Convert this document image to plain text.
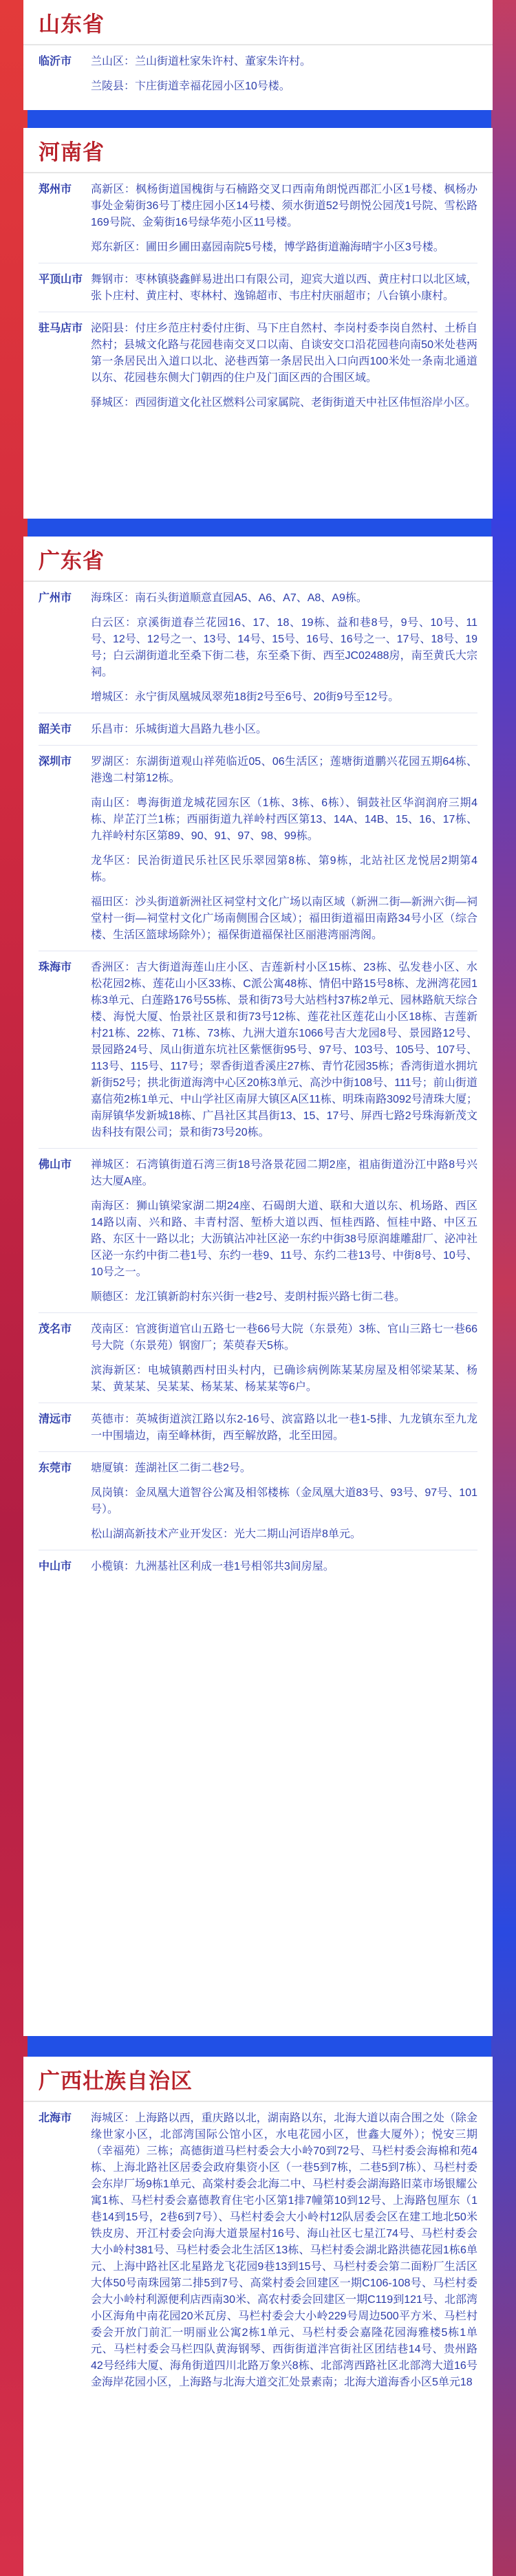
山东省
临沂市	兰山区：兰山街道杜家朱许村、董家朱许村。
兰陵县：卞庄街道幸福花园小区10号楼。
河南省
郑州市	高新区：枫杨街道国槐街与石楠路交叉口西南角朗悦西郡汇小区1号楼、枫杨办事处金菊街36号丁楼庄园小区14号楼、须水街道52号朗悦公园茂1号院、雪松路169号院、金菊街16号绿华苑小区11号楼。
郑东新区：圃田乡圃田嘉园南院5号楼，博学路街道瀚海晴宇小区3号楼。
平顶山市 舞钢市：枣林镇骁鑫鲜易进出口有限公司，迎宾大道以西、黄庄村口以北区域，张卜庄村、黄庄村、枣林村、逸锦超市、韦庄村庆丽超市；八台镇小康村。
驻马店市 泌阳县：付庄乡范庄村委付庄街、马下庄自然村、李岗村委李岗自然村、土桥自然村；县城文化路与花园巷南交叉口以南、自谈安交口沿花园巷向南50米处巷两第一条居民出入道口以北、泌巷西第一条居民出入口向西100米处一条南北通道以东、花园巷东侧大门朝西的住户及门面区西的合围区域。
驿城区：西园街道文化社区燃料公司家属院、老街街道天中社区伟恒浴岸小区。
广东省
广州市	海珠区：南石头街道顺意直园A5、A6、A7、A8、A9栋。
白云区：京溪街道春兰花园16、17、18、19栋、益和巷8号，9号、10号、11号、12号、12号之一、13号、14号、15号、16号、16号之一、17号、18号、19号；白云湖街道北至桑下街二巷，东至桑下街、西至JC02488房，南至黄氏大宗祠。
增城区：永宁街凤凰城凤翠苑18街2号至6号、20街9号至12号。
韶关市	乐昌市：乐城街道大昌路九巷小区。
深圳市	罗湖区：东湖街道观山祥苑临近05、06生活区；莲塘街道鹏兴花园五期64栋、港逸二村第12栋。
南山区：粤海街道龙城花园东区（1栋、3栋、6栋）、铜鼓社区华润润府三期4栋、岸芷汀兰1栋；西丽街道九祥岭村西区第13、14A、14B、15、16、17栋、九祥岭村东区第89、90、91、97、98、99栋。
龙华区：民治街道民乐社区民乐翠园第8栋、第9栋，北站社区龙悦居2期第4栋。
福田区：沙头街道新洲社区祠堂村文化广场以南区域（新洲二街—新洲六街—祠堂村一街—祠堂村文化广场南侧围合区域）；福田街道福田南路34号小区（综合楼、生活区篮球场除外）；福保街道福保社区丽港湾丽湾阁。
珠海市	香洲区：吉大街道海莲山庄小区、吉莲新村小区15栋、23栋、弘发巷小区、水松花园2栋、莲花山小区33栋、C派公寓48栋、情侣中路15号8栋、龙洲湾花园1栋3单元、白莲路176号55栋、景和街73号大站档村37栋2单元、园林路航天综合楼、海悦大厦、怡景社区景和街73号12栋、莲花社区莲花山小区18栋、吉莲新村21栋、22栋、71栋、73栋、九洲大道东1066号吉大龙园8号、景园路12号、景园路24号、凤山街道东坑社区紫惬街95号、97号、103号、105号、107号、113号、115号、117号；翠香街道香溪庄27栋、青竹花园35栋；香湾街道水拥坑新街52号；拱北街道海湾中心区20栋3单元、高沙中街108号、111号；前山街道嘉信苑2栋1单元、中山学社区南屏大镇区A区11栋、明珠南路3092号清珠大厦；南屏镇华发新城18栋、广昌社区其昌街13、15、17号、屏西七路2号珠海新茂文齿科技有限公司；景和街73号20栋。
佛山市	禅城区：石湾镇街道石湾三街18号洛景花园二期2座，祖庙街道汾江中路8号兴达大厦A座。
南海区：狮山镇梁家湖二期24座、石碣朗大道、联和大道以东、机场路、西区14路以南、兴和路、丰青村滘、堑桥大道以西、恒桂西路、恒桂中路、中区五路、东区十一路以北；大沥镇沾冲社区泌一东约中街38号原润雄雕甜厂、泌冲社区泌一东约中街二巷1号、东约一巷9、11号、东约二巷13号、中街8号、10号、10号之一。
顺德区：龙江镇新韵村东兴街一巷2号、麦朗村振兴路七街二巷。
茂名市	茂南区：官渡街道官山五路七一巷66号大院（东景苑）3栋、官山三路七一巷66号大院（东景苑）钢窗厂；茱萸春天5栋。
滨海新区：电城镇鹅西村田头村内，已确诊病例陈某某房屋及相邻梁某某、杨某、黄某某、吴某某、杨某某、杨某某等6户。
清远市	英德市：英城街道滨江路以东2-16号、滨富路以北一巷1-5排、九龙镇东至九龙一中围墙边，南至峰林街，西至解放路，北至田园。
东莞市	塘厦镇：莲湖社区二街二巷2号。
凤岗镇：金凤凰大道智谷公寓及相邻楼栋（金凤凰大道83号、93号、97号、101号）。
松山湖高新技术产业开发区：光大二期山河语岸8单元。
中山市	小榄镇：九洲基社区利成一巷1号相邻共3间房屋。
广西壮族自治区
北海市	海城区：上海路以西，重庆路以北，湖南路以东，北海大道以南合围之处（除金缘世家小区，北部湾国际公馆小区，水电花园小区，世鑫大厦外）；悦安三期（幸福苑）三栋；高德街道马栏村委会大小岭70到72号、马栏村委会海棉和苑4栋、上海北路社区居委会政府集资小区（一巷5到7栋，二巷5到7栋）、马栏村委会东岸厂场9栋1单元、高棠村委会北海二中、马栏村委会湖海路旧菜市场银耀公寓1栋、马栏村委会嘉德教育住宅小区第1排7幢第10到12号、上海路包厘东（1巷14到15号，2巷6到7号）、马栏村委会大小岭村12队居委会区在建工地北50米铁皮房、开江村委会向海大道景屋村16号、海山社区七星江74号、马栏村委会大小岭村381号、马栏村委会北生活区13栋、马栏村委会湖北路洪德花园1栋6单元、上海中路社区北星路龙飞花园9巷13到15号、马栏村委会第二面粉厂生活区大体50号南珠园第二排5到7号、高棠村委会回建区一期C106-108号、马栏村委会大小岭村利源便利店西南30米、高农村委会回建区一期C119到121号、北部湾小区海角中南花园20米瓦房、马栏村委会大小岭229号周边500平方米、马栏村委会开放门前汇一明丽业公寓2栋1单元、马栏村委会嘉隆花园海雅楼5栋1单元、马栏村委会马栏四队黄海钢琴、西街街道泮宫街社区团结巷14号、贵州路42号经纬大厦、海角街道四川北路万象兴8栋、北部湾西路社区北部湾大道16号金海岸花园小区，上海路与北海大道交汇处景素南；北海大道海香小区5单元18
